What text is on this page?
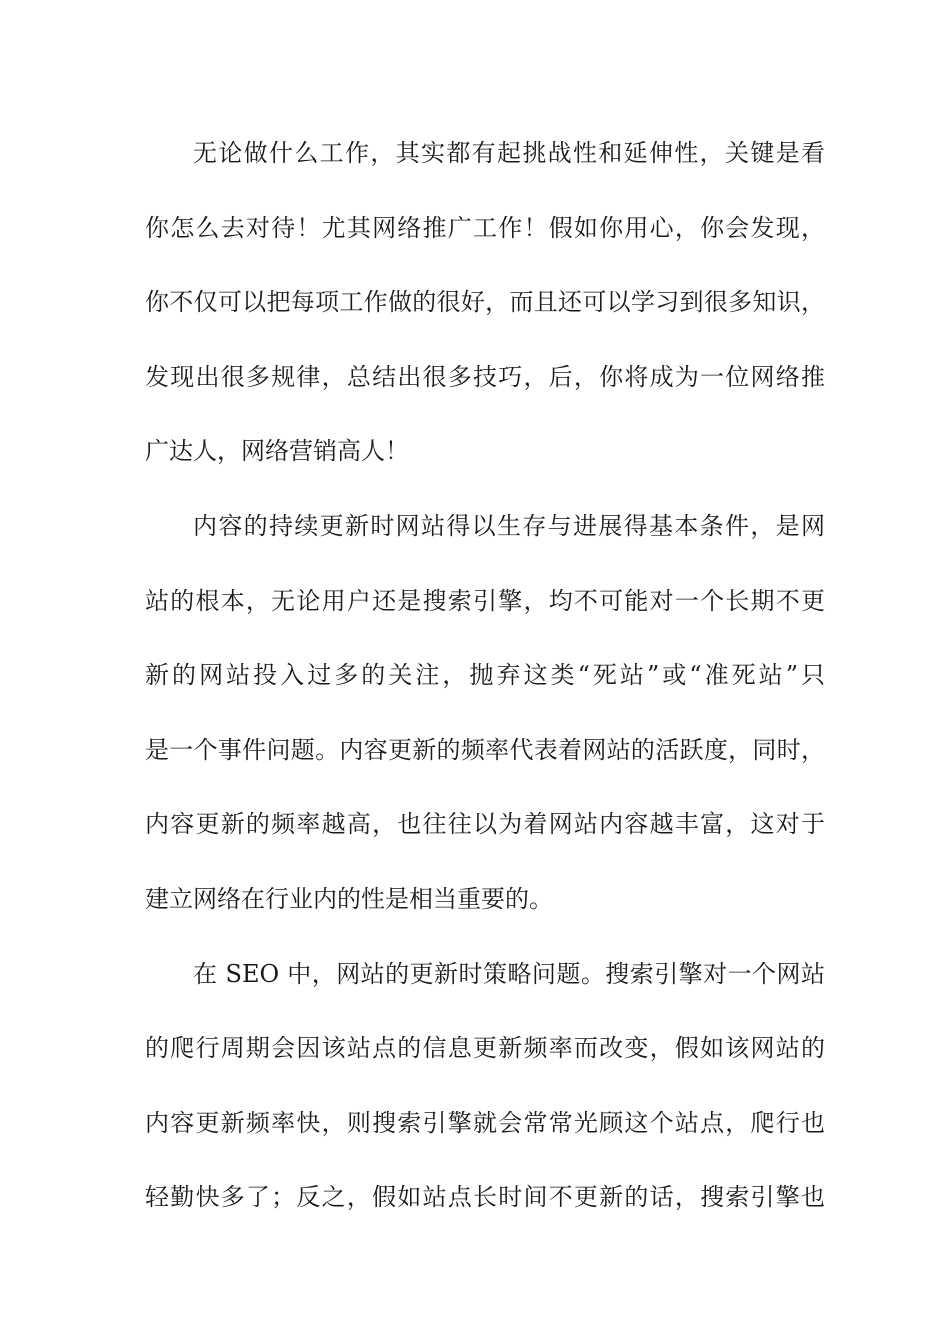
无论做什么工作，其实都有起挑战性和延伸性，关键是看
你怎么去对待！尤其网络推广工作！假如你用心，你会发现，
你不仅可以把每项工作做的很好，而且还可以学习到很多知识，
发现出很多规律，总结出很多技巧，后，你将成为一位网络推
广达人，网络营销高人！
内容的持续更新时网站得以生存与进展得基本条件，是网
站的根本，无论用户还是搜索引擎，均不可能对一个长期不更
新的网站投入过多的关注，抛弃这类“死站”或“准死站”只
是一个事件问题。内容更新的频率代表着网站的活跃度，同时，
内容更新的频率越高，也往往以为着网站内容越丰富，这对于
建立网络在行业内的性是相当重要的。
在 SEO 中，网站的更新时策略问题。搜索引擎对一个网站
的爬行周期会因该站点的信息更新频率而改变，假如该网站的
内容更新频率快，则搜索引擎就会常常光顾这个站点，爬行也
轻勤快多了；反之，假如站点长时间不更新的话，搜索引擎也
